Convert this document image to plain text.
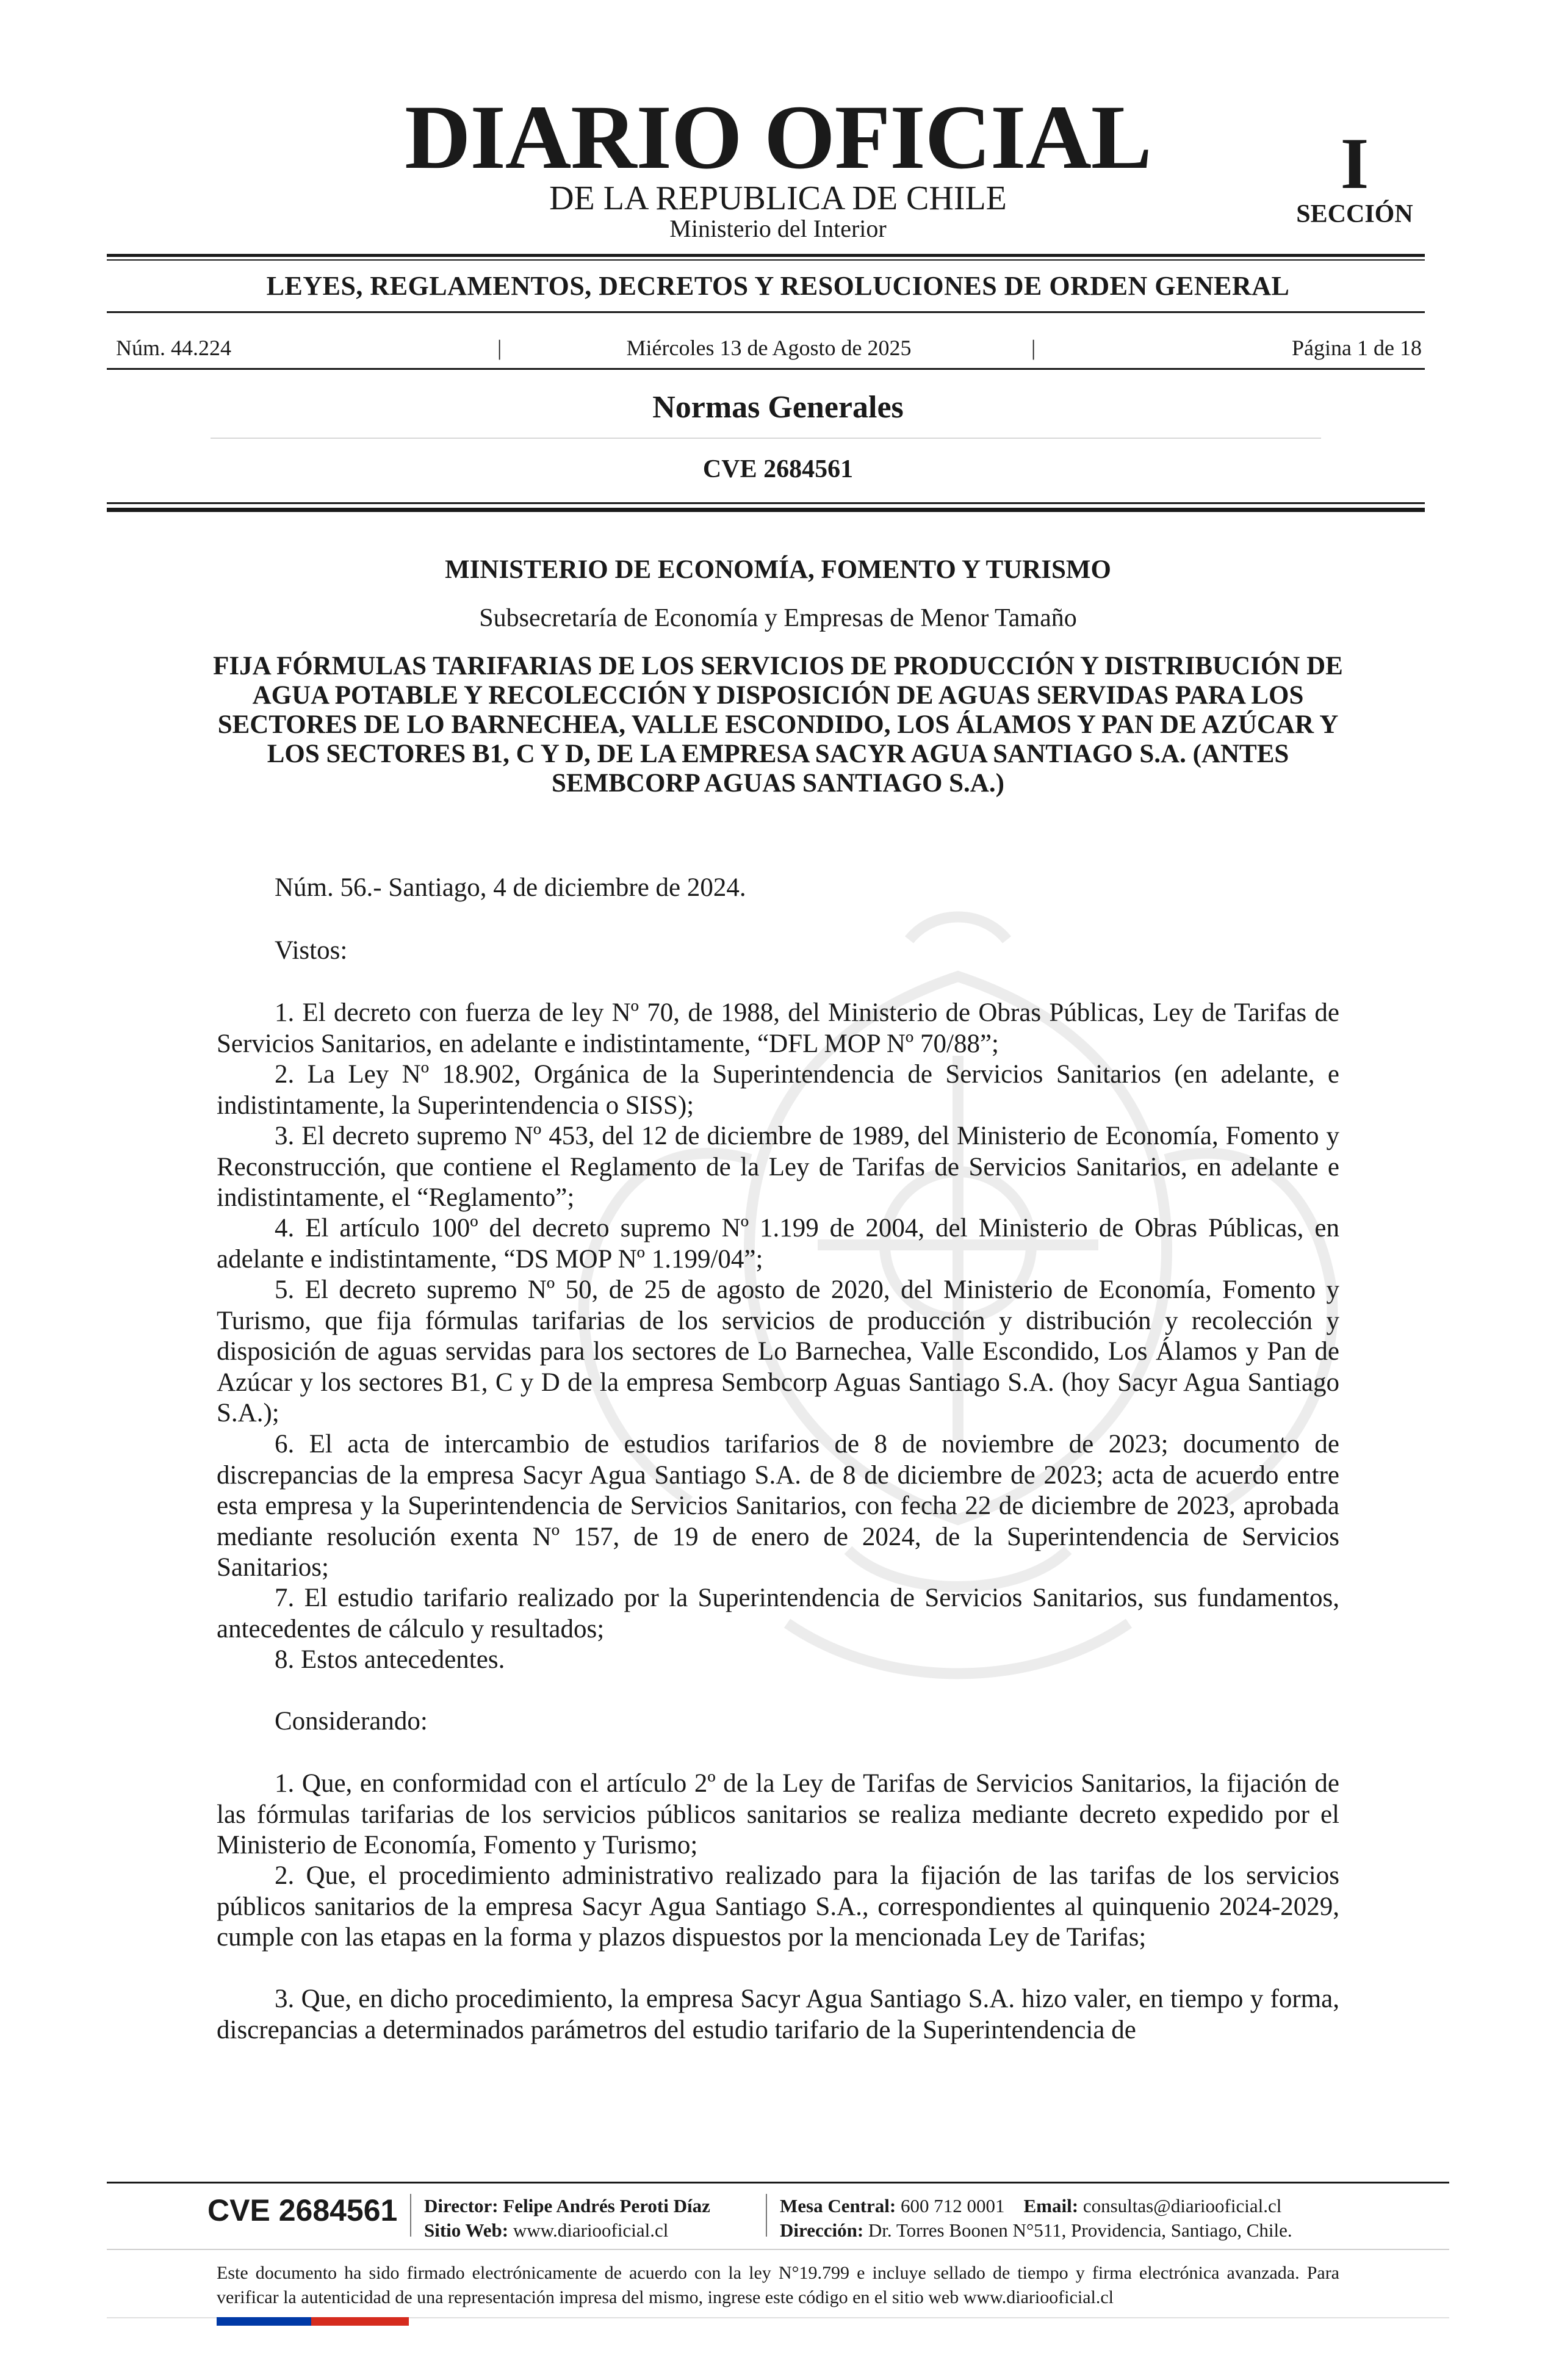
DIARIO OFICIAL
DE LA REPUBLICA DE CHILE
Ministerio del Interior
I
SECCIÓN
LEYES, REGLAMENTOS, DECRETOS Y RESOLUCIONES DE ORDEN GENERAL
Núm. 44.224	|	Miércoles 13 de Agosto de 2025	|	Página 1 de 18
Normas Generales
CVE 2684561
MINISTERIO DE ECONOMÍA, FOMENTO Y TURISMO
Subsecretaría de Economía y Empresas de Menor Tamaño
FIJA FÓRMULAS TARIFARIAS DE LOS SERVICIOS DE PRODUCCIÓN Y DISTRIBUCIÓN DE AGUA POTABLE Y RECOLECCIÓN Y DISPOSICIÓN DE AGUAS SERVIDAS PARA LOS SECTORES DE LO BARNECHEA, VALLE ESCONDIDO, LOS ÁLAMOS Y PAN DE AZÚCAR Y LOS SECTORES B1, C Y D, DE LA EMPRESA SACYR AGUA SANTIAGO S.A. (ANTES SEMBCORP AGUAS SANTIAGO S.A.)
Núm. 56.- Santiago, 4 de diciembre de 2024.
Vistos:
1. El decreto con fuerza de ley Nº 70, de 1988, del Ministerio de Obras Públicas, Ley de Tarifas de Servicios Sanitarios, en adelante e indistintamente, “DFL MOP Nº 70/88”;
2. La Ley Nº 18.902, Orgánica de la Superintendencia de Servicios Sanitarios (en adelante, e indistintamente, la Superintendencia o SISS);
3. El decreto supremo Nº 453, del 12 de diciembre de 1989, del Ministerio de Economía, Fomento y Reconstrucción, que contiene el Reglamento de la Ley de Tarifas de Servicios Sanitarios, en adelante e indistintamente, el “Reglamento”;
4. El artículo 100º del decreto supremo Nº 1.199 de 2004, del Ministerio de Obras Públicas, en adelante e indistintamente, “DS MOP Nº 1.199/04”;
5. El decreto supremo Nº 50, de 25 de agosto de 2020, del Ministerio de Economía, Fomento y Turismo, que fija fórmulas tarifarias de los servicios de producción y distribución y recolección y disposición de aguas servidas para los sectores de Lo Barnechea, Valle Escondido, Los Álamos y Pan de Azúcar y los sectores B1, C y D de la empresa Sembcorp Aguas Santiago S.A. (hoy Sacyr Agua Santiago S.A.);
6. El acta de intercambio de estudios tarifarios de 8 de noviembre de 2023; documento de discrepancias de la empresa Sacyr Agua Santiago S.A. de 8 de diciembre de 2023; acta de acuerdo entre esta empresa y la Superintendencia de Servicios Sanitarios, con fecha 22 de diciembre de 2023, aprobada mediante resolución exenta Nº 157, de 19 de enero de 2024, de la Superintendencia de Servicios Sanitarios;
7. El estudio tarifario realizado por la Superintendencia de Servicios Sanitarios, sus fundamentos, antecedentes de cálculo y resultados;
8. Estos antecedentes.
Considerando:
1. Que, en conformidad con el artículo 2º de la Ley de Tarifas de Servicios Sanitarios, la fijación de las fórmulas tarifarias de los servicios públicos sanitarios se realiza mediante decreto expedido por el Ministerio de Economía, Fomento y Turismo;
2. Que, el procedimiento administrativo realizado para la fijación de las tarifas de los servicios públicos sanitarios de la empresa Sacyr Agua Santiago S.A., correspondientes al quinquenio 2024-2029, cumple con las etapas en la forma y plazos dispuestos por la mencionada Ley de Tarifas;
3. Que, en dicho procedimiento, la empresa Sacyr Agua Santiago S.A. hizo valer, en tiempo y forma, discrepancias a determinados parámetros del estudio tarifario de la Superintendencia de
CVE 2684561 Director: Felipe Andrés Peroti Díaz
Sitio Web: www.diariooficial.cl
Mesa Central: 600 712 0001 Email: consultas@diariooficial.cl
Dirección: Dr. Torres Boonen N°511, Providencia, Santiago, Chile.
Este documento ha sido firmado electrónicamente de acuerdo con la ley N°19.799 e incluye sellado de tiempo y firma electrónica avanzada. Para verificar la autenticidad de una representación impresa del mismo, ingrese este código en el sitio web www.diariooficial.cl
